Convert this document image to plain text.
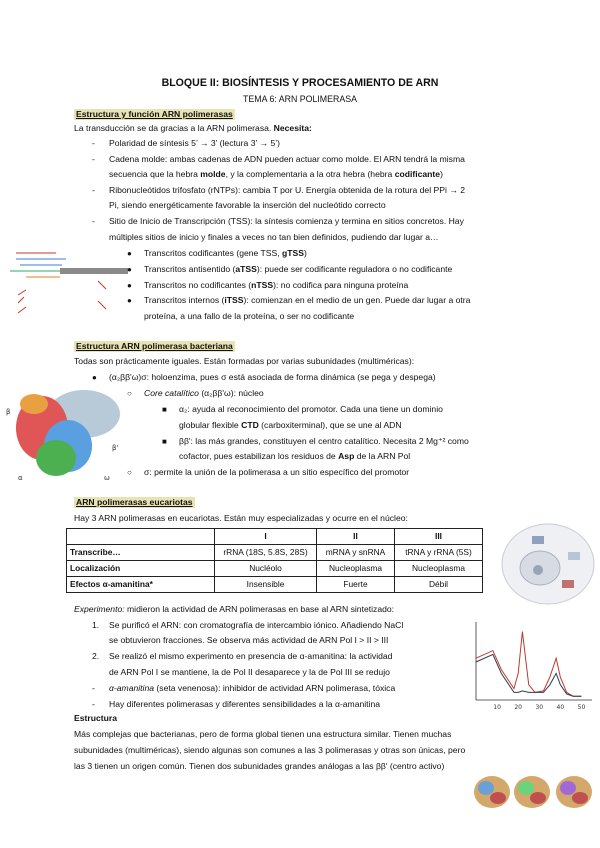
BLOQUE II: BIOSÍNTESIS Y PROCESAMIENTO DE ARN
TEMA 6: ARN POLIMERASA
Estructura y función ARN polimerasas
La transducción se da gracias a la ARN polimerasa. Necesita:
- Polaridad de síntesis 5’ → 3’ (lectura 3’ → 5’)
- Cadena molde: ambas cadenas de ADN pueden actuar como molde. El ARN tendrá la misma
secuencia que la hebra molde, y la complementaria a la otra hebra (hebra codificante)
- Ribonucleótidos trifosfato (rNTPs): cambia T por U. Energía obtenida de la rotura del PPi → 2
Pi, siendo energéticamente favorable la inserción del nucleótido correcto
- Sitio de Inicio de Transcripción (TSS): la síntesis comienza y termina en sitios concretos. Hay
múltiples sitios de inicio y finales a veces no tan bien definidos, pudiendo dar lugar a…
● Transcritos codificantes (gene TSS, gTSS)
● Transcritos antisentido (aTSS): puede ser codificante reguladora o no codificante
● Transcritos no codificantes (nTSS): no codifica para ninguna proteína
● Transcritos internos (iTSS): comienzan en el medio de un gen. Puede dar lugar a otra
proteína, a una fallo de la proteína, o ser no codificante
Estructura ARN polimerasa bacteriana
Todas son prácticamente iguales. Están formadas por varias subunidades (multiméricas):
β
α
β'
ω
● (α₂ββ'ω)σ: holoenzima, pues σ está asociada de forma dinámica (se pega y despega)
○ Core catalítico (α₂ββ'ω): núcleo
■ α₂: ayuda al reconocimiento del promotor. Cada una tiene un dominio
globular flexible CTD (carboxiterminal), que se une al ADN
■ ββ': las más grandes, constituyen el centro catalítico. Necesita 2 Mg⁺² como
cofactor, pues estabilizan los residuos de Asp de la ARN Pol
○ σ: permite la unión de la polimerasa a un sitio específico del promotor
ARN polimerasas eucariotas
Hay 3 ARN polimerasas en eucariotas. Están muy especializadas y ocurre en el núcleo:
	I	II	III
Transcribe…	rRNA (18S, 5.8S, 28S)	mRNA y snRNA	tRNA y rRNA (5S)
Localización	Nucléolo	Nucleoplasma	Nucleoplasma
Efectos α-amanitina*	Insensible	Fuerte	Débil
Experimento: midieron la actividad de ARN polimerasas en base al ARN sintetizado:
1. Se purificó el ARN: con cromatografía de intercambio iónico. Añadiendo NaCl
se obtuvieron fracciones. Se observa más actividad de ARN Pol I > II > III
2. Se realizó el mismo experimento en presencia de α-amanitina: la actividad
de ARN Pol I se mantiene, la de Pol II desaparece y la de Pol III se redujo
- α-amanitina (seta venenosa): inhibidor de actividad ARN polimerasa, tóxica
- Hay diferentes polimerasas y diferentes sensibilidades a la α-amanitina	10 20 30 40 50
Estructura
Más complejas que bacterianas, pero de forma global tienen una estructura similar. Tienen muchas
subunidades (multiméricas), siendo algunas son comunes a las 3 polimerasas y otras son únicas, pero
las 3 tienen un origen común. Tienen dos subunidades grandes análogas a las ββ' (centro activo)
